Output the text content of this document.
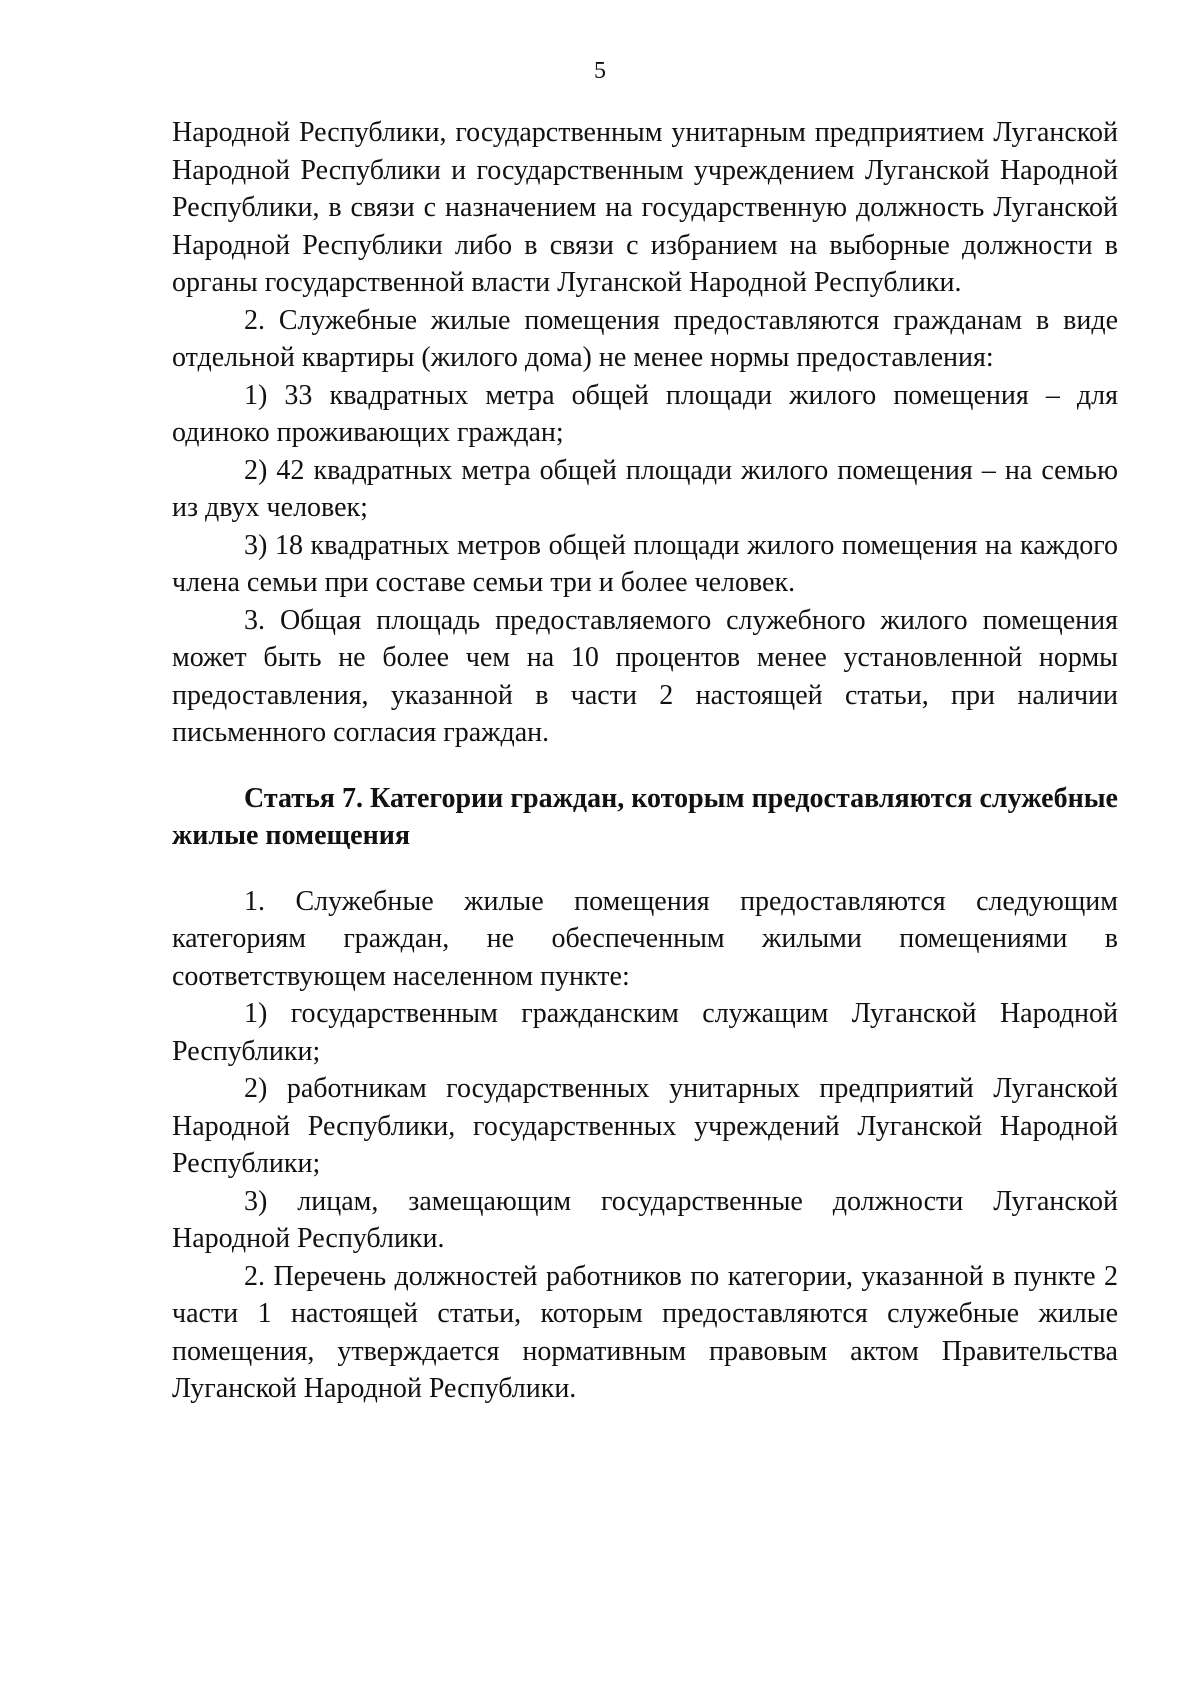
5

Народной Республики, государственным унитарным предприятием Луганской Народной Республики и государственным учреждением Луганской Народной Республики, в связи с назначением на государственную должность Луганской Народной Республики либо в связи с избранием на выборные должности в органы государственной власти Луганской Народной Республики.

2. Служебные жилые помещения предоставляются гражданам в виде отдельной квартиры (жилого дома) не менее нормы предоставления:

1) 33 квадратных метра общей площади жилого помещения – для одиноко проживающих граждан;

2) 42 квадратных метра общей площади жилого помещения – на семью из двух человек;

3) 18 квадратных метров общей площади жилого помещения на каждого члена семьи при составе семьи три и более человек.

3. Общая площадь предоставляемого служебного жилого помещения может быть не более чем на 10 процентов менее установленной нормы предоставления, указанной в части 2 настоящей статьи, при наличии письменного согласия граждан.

Статья 7. Категории граждан, которым предоставляются служебные жилые помещения

1. Служебные жилые помещения предоставляются следующим категориям граждан, не обеспеченным жилыми помещениями в соответствующем населенном пункте:

1) государственным гражданским служащим Луганской Народной Республики;

2) работникам государственных унитарных предприятий Луганской Народной Республики, государственных учреждений Луганской Народной Республики;

3) лицам, замещающим государственные должности Луганской Народной Республики.

2. Перечень должностей работников по категории, указанной в пункте 2 части 1 настоящей статьи, которым предоставляются служебные жилые помещения, утверждается нормативным правовым актом Правительства Луганской Народной Республики.
